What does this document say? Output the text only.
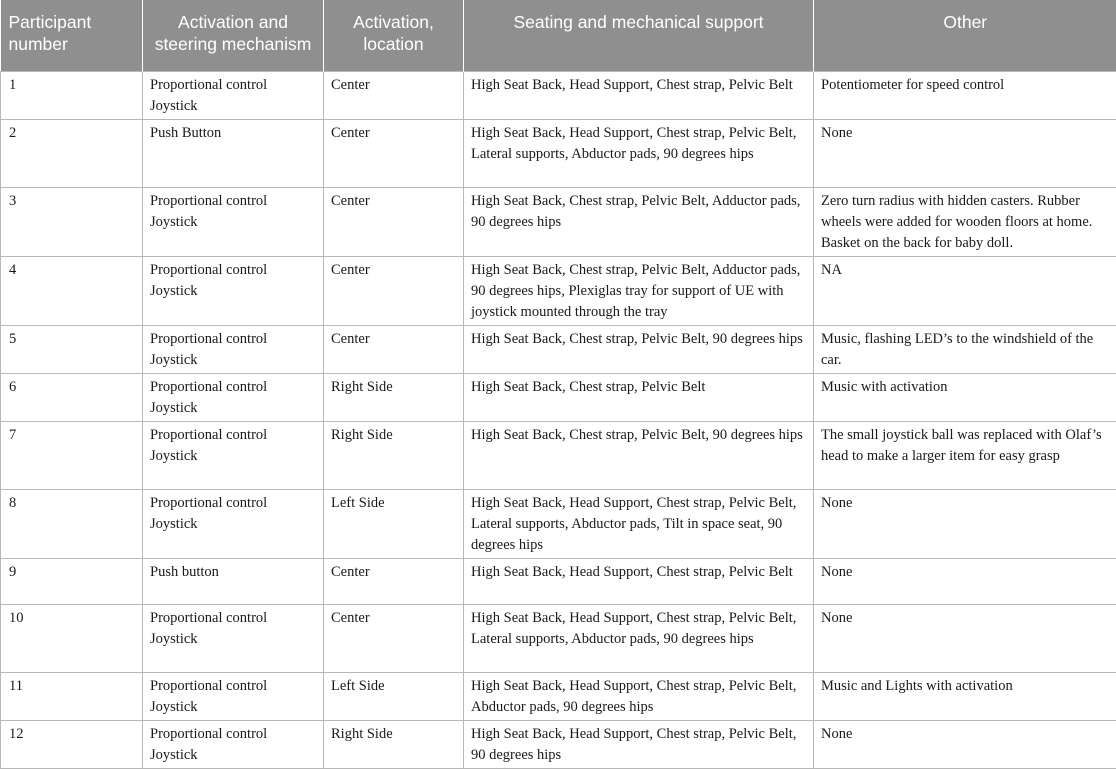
Participant number	Activation and steering mechanism	Activation, location	Seating and mechanical support	Other
1	Proportional control Joystick	Center	High Seat Back, Head Support, Chest strap, Pelvic Belt	Potentiometer for speed control
2	Push Button	Center	High Seat Back, Head Support, Chest strap, Pelvic Belt, Lateral supports, Abductor pads, 90 degrees hips	None
3	Proportional control Joystick	Center	High Seat Back, Chest strap, Pelvic Belt, Adductor pads, 90 degrees hips	Zero turn radius with hidden casters. Rubber wheels were added for wooden floors at home. Basket on the back for baby doll.
4	Proportional control Joystick	Center	High Seat Back, Chest strap, Pelvic Belt, Adductor pads, 90 degrees hips, Plexiglas tray for support of UE with joystick mounted through the tray	NA
5	Proportional control Joystick	Center	High Seat Back, Chest strap, Pelvic Belt, 90 degrees hips	Music, flashing LED’s to the windshield of the car.
6	Proportional control Joystick	Right Side	High Seat Back, Chest strap, Pelvic Belt	Music with activation
7	Proportional control Joystick	Right Side	High Seat Back, Chest strap, Pelvic Belt, 90 degrees hips	The small joystick ball was replaced with Olaf’s head to make a larger item for easy grasp
8	Proportional control Joystick	Left Side	High Seat Back, Head Support, Chest strap, Pelvic Belt, Lateral supports, Abductor pads, Tilt in space seat, 90 degrees hips	None
9	Push button	Center	High Seat Back, Head Support, Chest strap, Pelvic Belt	None
10	Proportional control Joystick	Center	High Seat Back, Head Support, Chest strap, Pelvic Belt, Lateral supports, Abductor pads, 90 degrees hips	None
11	Proportional control Joystick	Left Side	High Seat Back, Head Support, Chest strap, Pelvic Belt, Abductor pads, 90 degrees hips	Music and Lights with activation
12	Proportional control Joystick	Right Side	High Seat Back, Head Support, Chest strap, Pelvic Belt, 90 degrees hips	None
